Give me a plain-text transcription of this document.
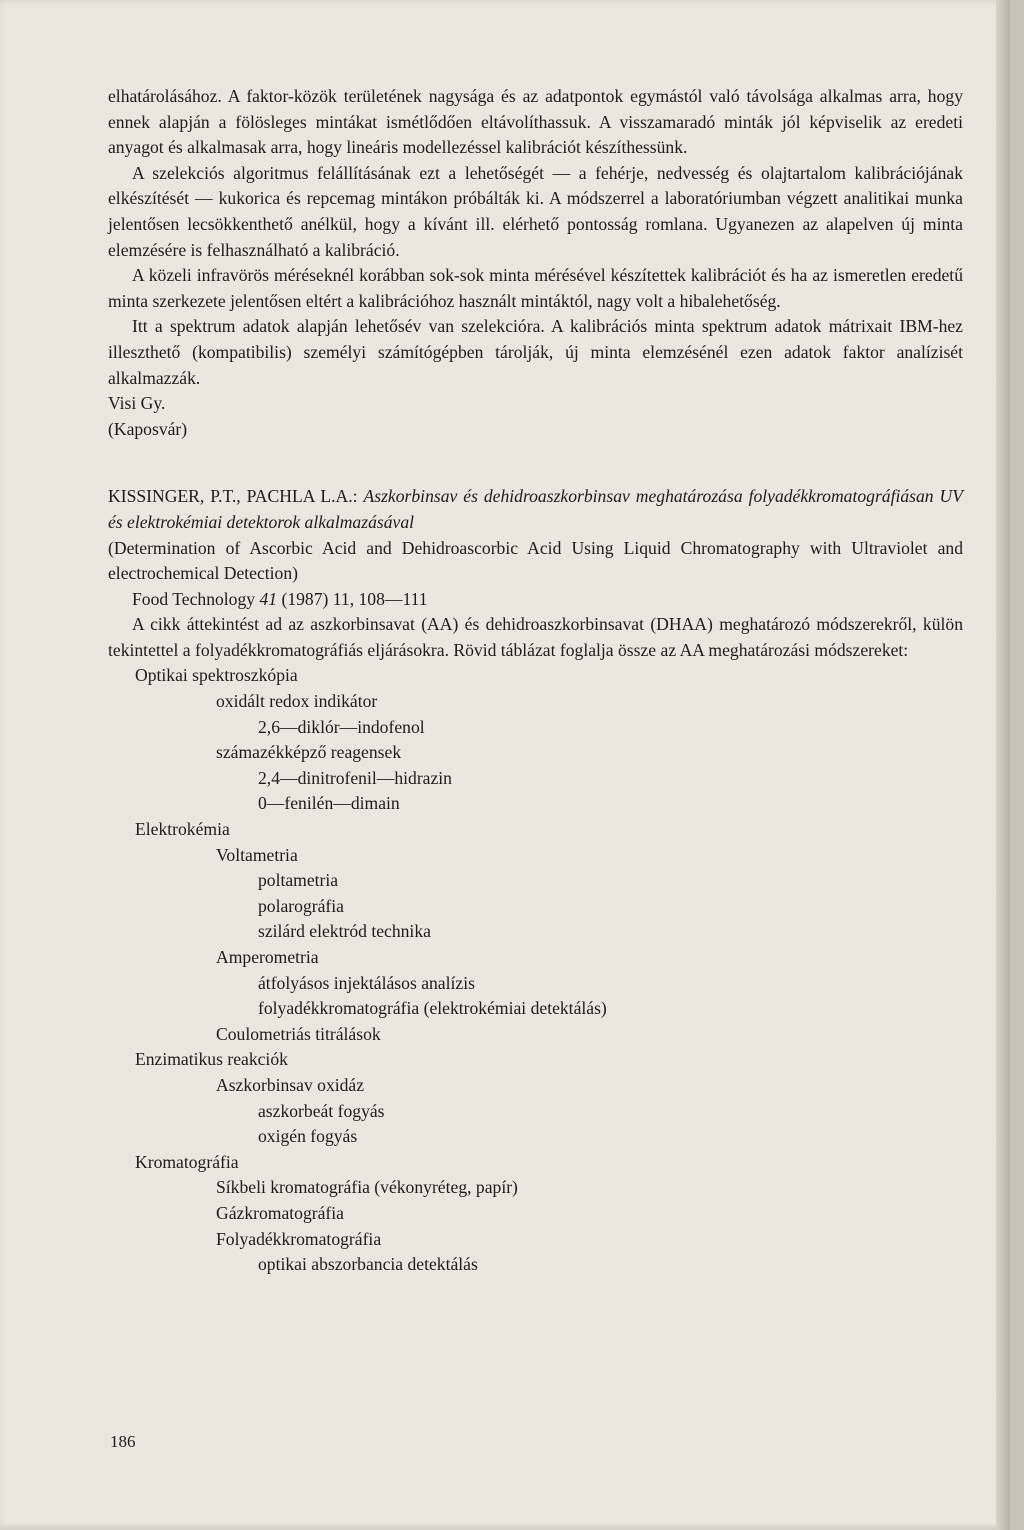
elhatárolásához. A faktor-közök területének nagysága és az adatpontok egymástól való távolsága alkalmas arra, hogy ennek alapján a fölösleges mintákat ismétlődően eltávolíthassuk. A visszamaradó minták jól képviselik az eredeti anyagot és alkalmasak arra, hogy lineáris modellezéssel kalibrációt készíthessünk.

A szelekciós algoritmus felállításának ezt a lehetőségét — a fehérje, nedvesség és olajtartalom kalibrációjának elkészítését — kukorica és repcemag mintákon próbálták ki. A módszerrel a laboratóriumban végzett analitikai munka jelentősen lecsökkenthető anélkül, hogy a kívánt ill. elérhető pontosság romlana. Ugyanezen az alapelven új minta elemzésére is felhasználható a kalibráció.

A közeli infravörös méréseknél korábban sok-sok minta mérésével készítettek kalibrációt és ha az ismeretlen eredetű minta szerkezete jelentősen eltért a kalibrációhoz használt mintáktól, nagy volt a hibalehetőség.

Itt a spektrum adatok alapján lehetősév van szelekcióra. A kalibrációs minta spektrum adatok mátrixait IBM-hez illeszthető (kompatibilis) személyi számítógépben tárolják, új minta elemzésénél ezen adatok faktor analízisét alkalmazzák.

Visi Gy.

(Kaposvár)

KISSINGER, P.T., PACHLA L.A.: Aszkorbinsav és dehidroaszkorbinsav meghatározása folyadékkromatográfiásan UV és elektrokémiai detektorok alkalmazásával

(Determination of Ascorbic Acid and Dehidroascorbic Acid Using Liquid Chromatography with Ultraviolet and electrochemical Detection)

Food Technology 41 (1987) 11, 108—111

A cikk áttekintést ad az aszkorbinsavat (AA) és dehidroaszkorbinsavat (DHAA) meghatározó módszerekről, külön tekintettel a folyadékkromatográfiás eljárásokra. Rövid táblázat foglalja össze az AA meghatározási módszereket:

Optikai spektroszkópia
oxidált redox indikátor
2,6—diklór—indofenol
számazékképző reagensek
2,4—dinitrofenil—hidrazin
0—fenilén—dimain
Elektrokémia
Voltametria
poltametria
polarográfia
szilárd elektród technika
Amperometria
átfolyásos injektálásos analízis
folyadékkromatográfia (elektrokémiai detektálás)
Coulometriás titrálások
Enzimatikus reakciók
Aszkorbinsav oxidáz
aszkorbeát fogyás
oxigén fogyás
Kromatográfia
Síkbeli kromatográfia (vékonyréteg, papír)
Gázkromatográfia
Folyadékkromatográfia
optikai abszorbancia detektálás
186
